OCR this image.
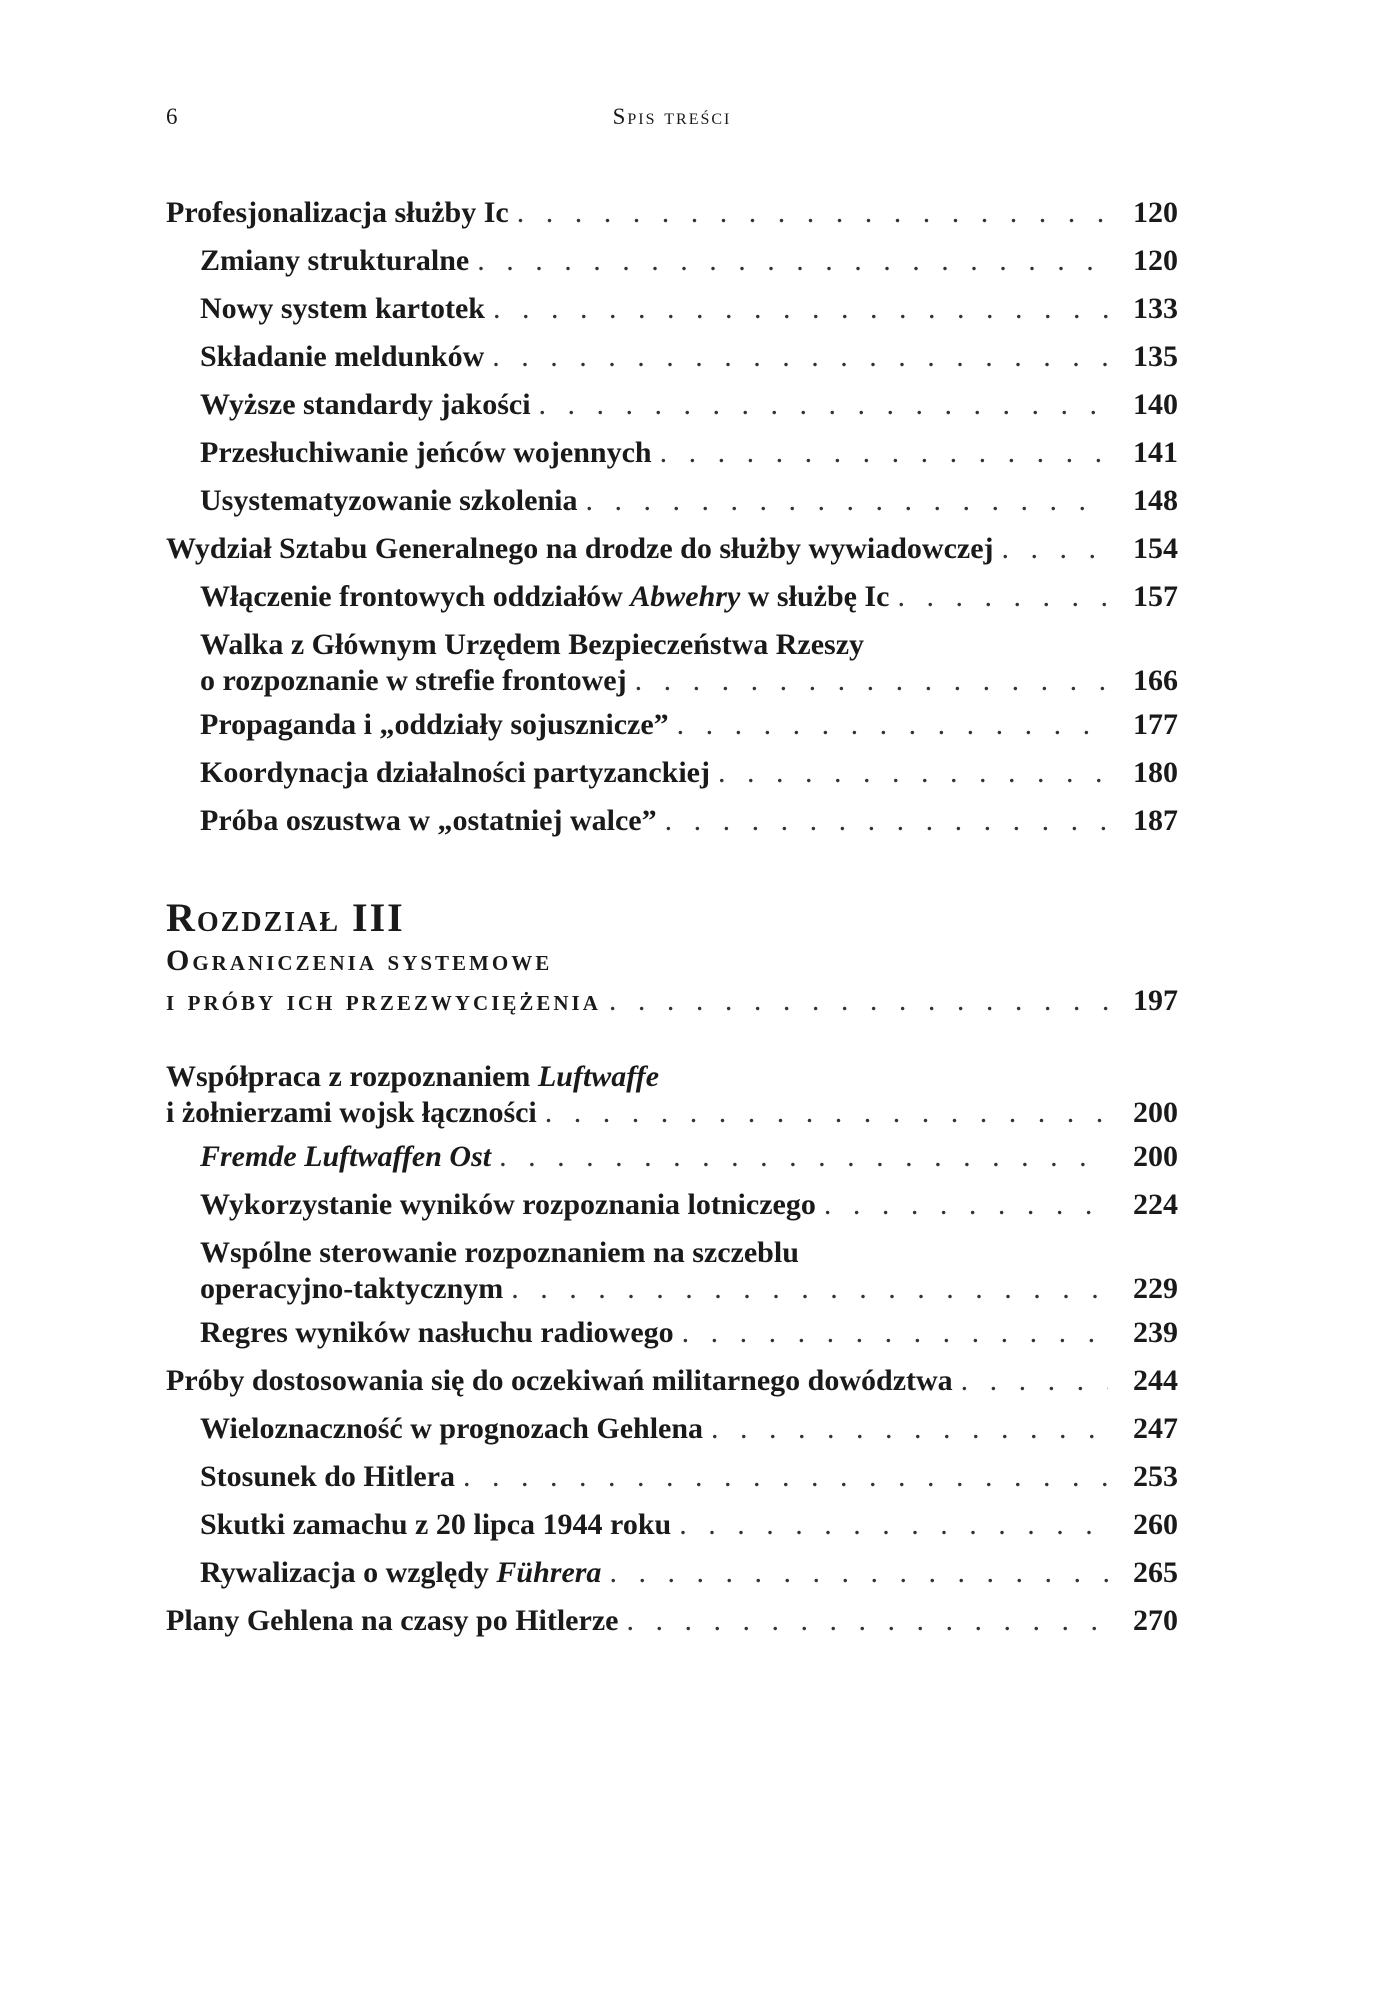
6	Spis treści
Profesjonalizacja służby Ic . . .	120
Zmiany strukturalne . . .	120
Nowy system kartotek . . .	133
Składanie meldunków . . .	135
Wyższe standardy jakości . . .	140
Przesłuchiwanie jeńców wojennych . . .	141
Usystematyzowanie szkolenia . . .	148
Wydział Sztabu Generalnego na drodze do służby wywiadowczej . . .	154
Włączenie frontowych oddziałów Abwehry w służbę Ic . . .	157
Walka z Głównym Urzędem Bezpieczeństwa Rzeszy
o rozpoznanie w strefie frontowej . . .	166
Propaganda i „oddziały sojusznicze” . . .	177
Koordynacja działalności partyzanckiej . . .	180
Próba oszustwa w „ostatniej walce” . . .	187
Rozdział III
Ograniczenia systemowe
i próby ich przezwyciężenia . . .	197
Współpraca z rozpoznaniem Luftwaffe
i żołnierzami wojsk łączności . . .	200
Fremde Luftwaffen Ost . . .	200
Wykorzystanie wyników rozpoznania lotniczego . . .	224
Wspólne sterowanie rozpoznaniem na szczeblu
operacyjno-taktycznym . . .	229
Regres wyników nasłuchu radiowego . . .	239
Próby dostosowania się do oczekiwań militarnego dowództwa . . .	244
Wieloznaczność w prognozach Gehlena . . .	247
Stosunek do Hitlera . . .	253
Skutki zamachu z 20 lipca 1944 roku . . .	260
Rywalizacja o względy Führera . . .	265
Plany Gehlena na czasy po Hitlerze . . .	270
